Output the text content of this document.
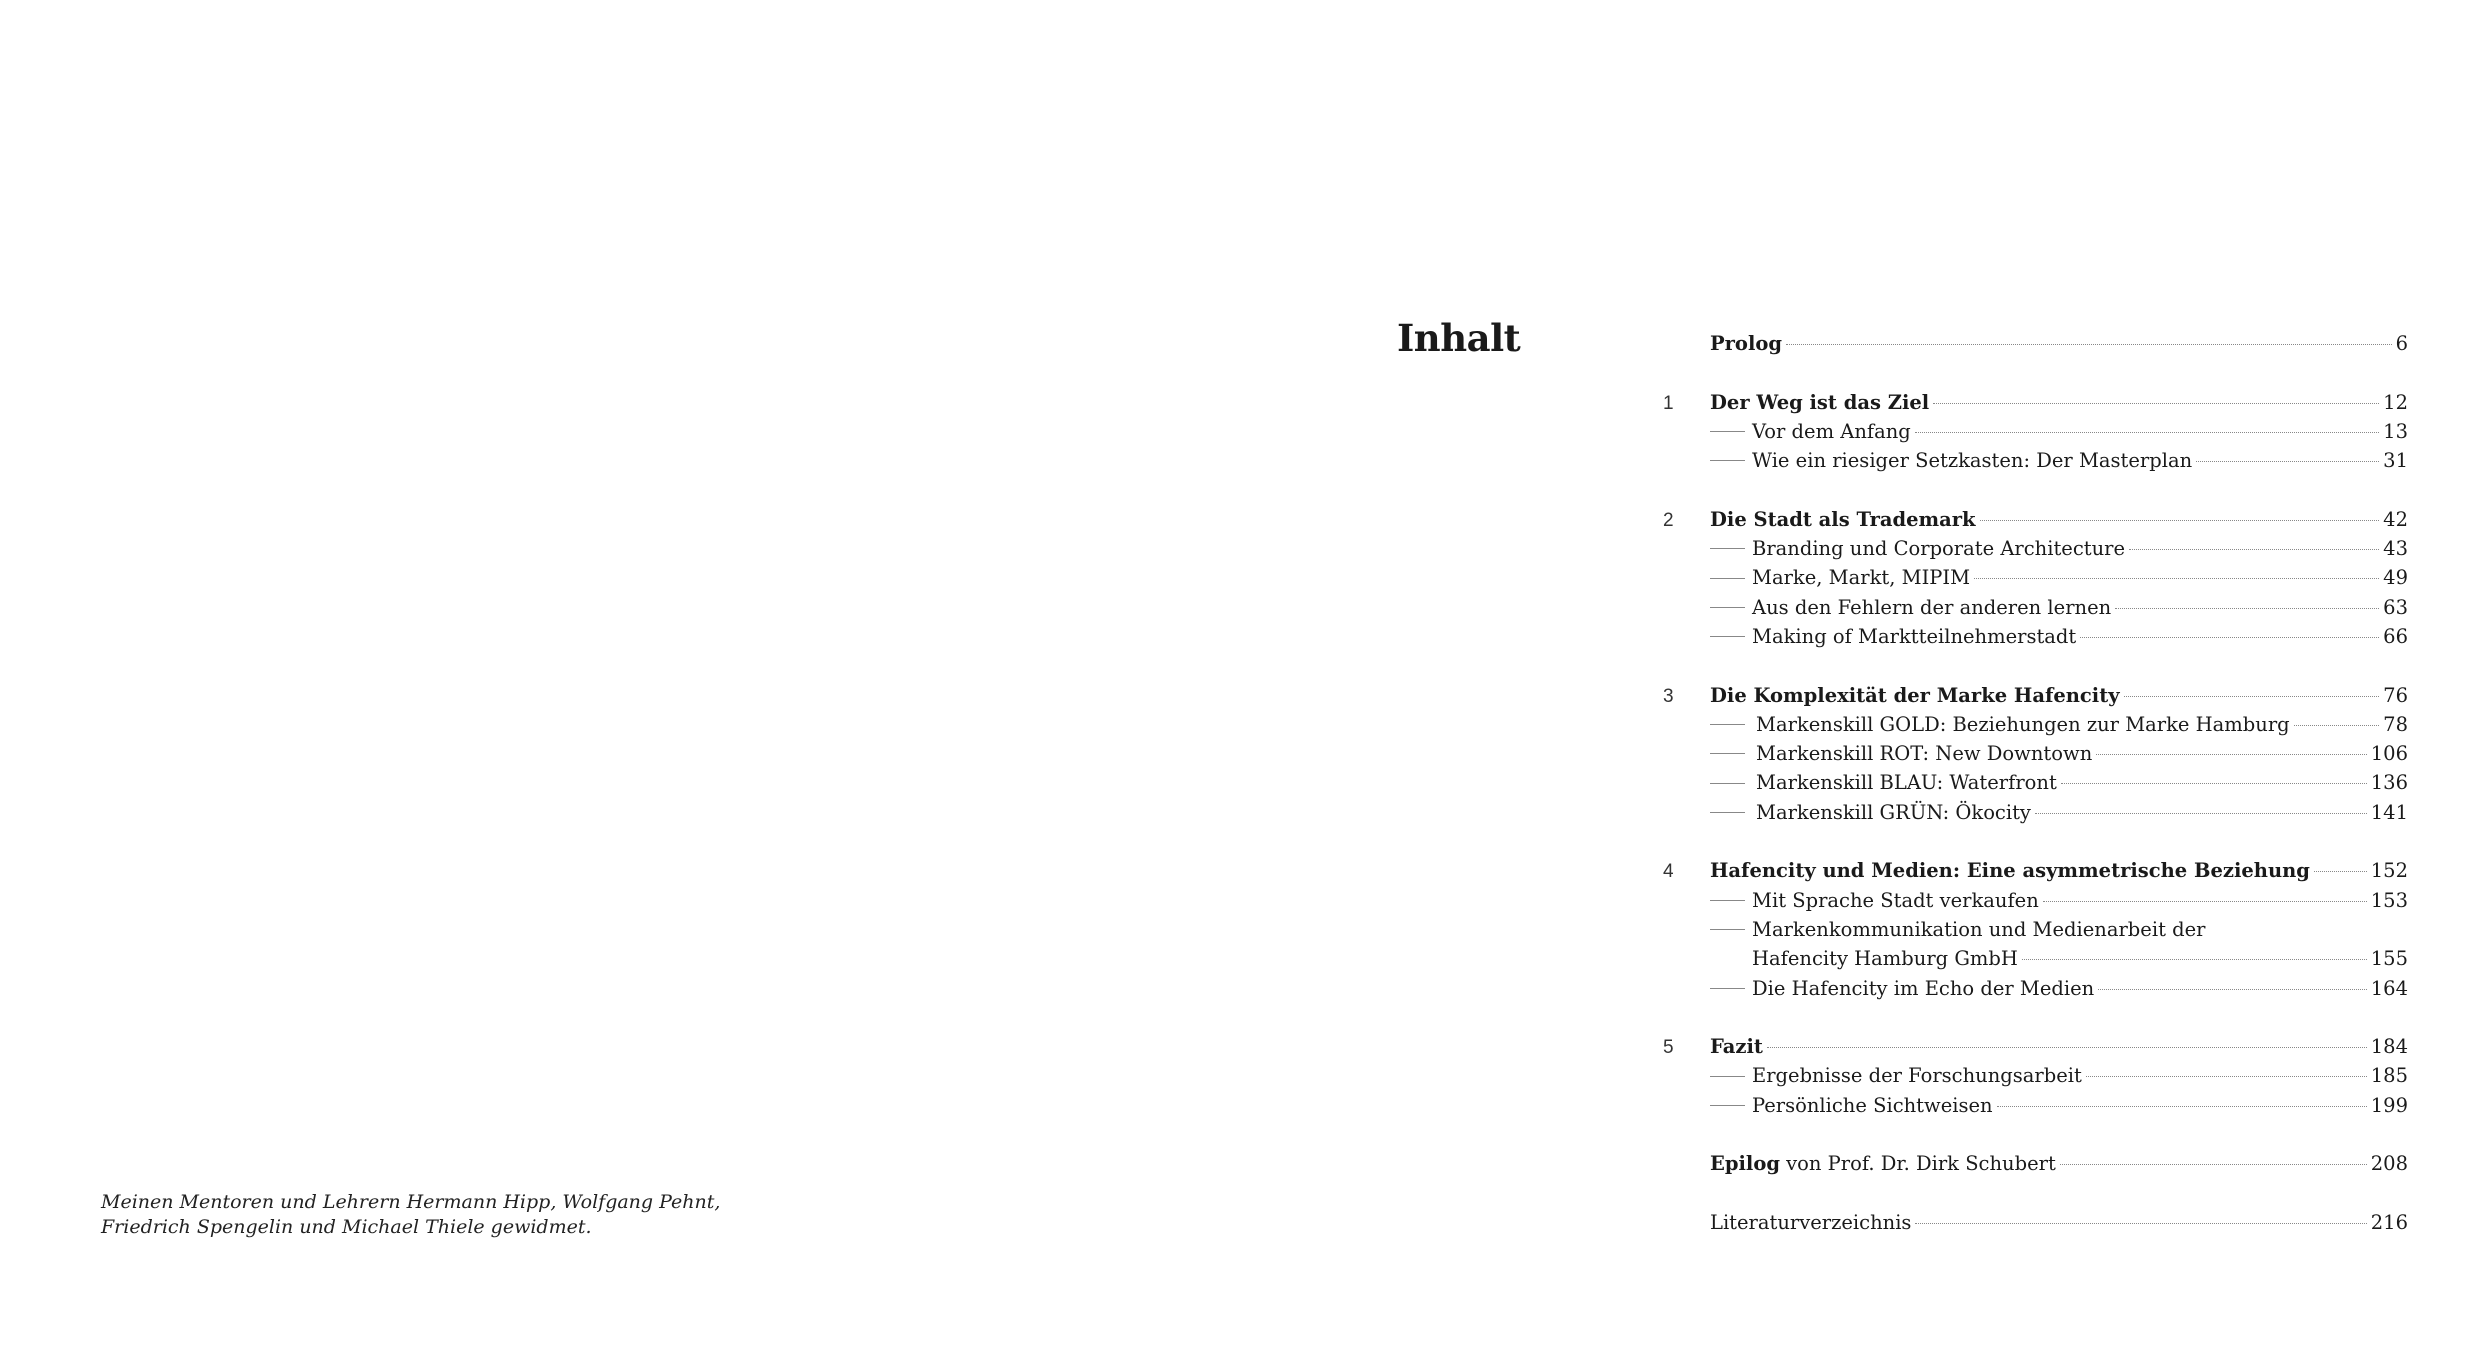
Inhalt	Prolog	6
1	Der Weg ist das Ziel	12
Vor dem Anfang	13
Wie ein riesiger Setzkasten: Der Masterplan	31
2	Die Stadt als Trademark	42
Branding und Corporate Architecture	43
Marke, Markt, MIPIM	49
Aus den Fehlern der anderen lernen	63
Making of Marktteilnehmerstadt	66
3	Die Komplexität der Marke Hafencity	76
Markenskill GOLD: Beziehungen zur Marke Hamburg	78
Markenskill ROT: New Downtown	106
Markenskill BLAU: Waterfront	136
Markenskill GRÜN: Ökocity	141
4	Hafencity und Medien: Eine asymmetrische Beziehung	152
Mit Sprache Stadt verkaufen	153
Markenkommunikation und Medienarbeit der
Hafencity Hamburg GmbH	155
Die Hafencity im Echo der Medien	164
5	Fazit	184
Ergebnisse der Forschungsarbeit	185
Persönliche Sichtweisen	199
Epilog von Prof. Dr. Dirk Schubert	208
Literaturverzeichnis	216
Meinen Mentoren und Lehrern Hermann Hipp, Wolfgang Pehnt,
Friedrich Spengelin und Michael Thiele gewidmet.
